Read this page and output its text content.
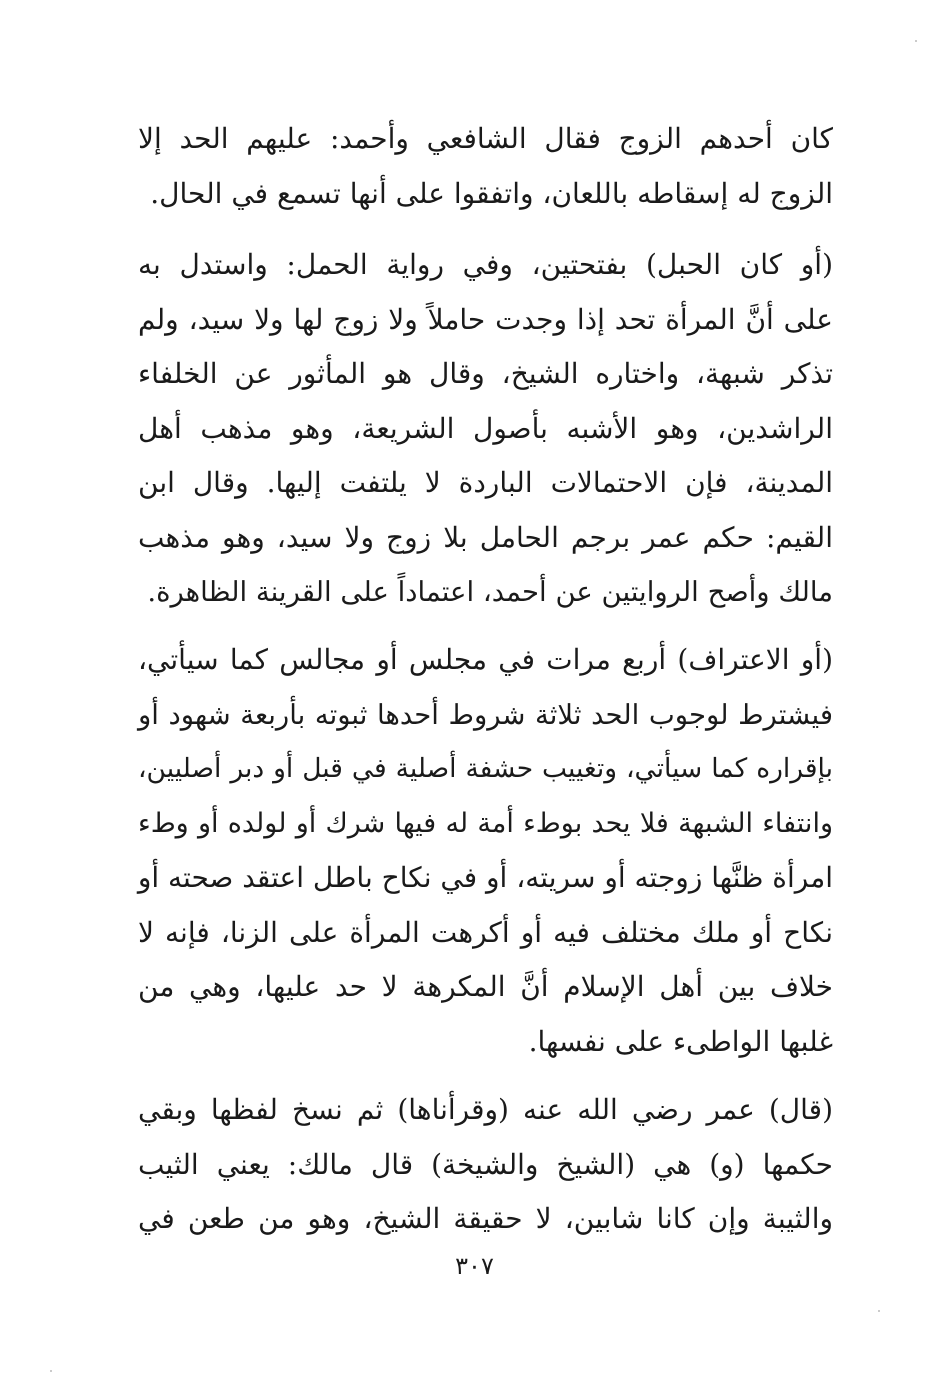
كان أحدهم الزوج فقال الشافعي وأحمد: عليهم الحد إلا
الزوج له إسقاطه باللعان، واتفقوا على أنها تسمع في الحال.
(أو كان الحبل) بفتحتين، وفي رواية الحمل: واستدل به
على أنَّ المرأة تحد إذا وجدت حاملاً ولا زوج لها ولا سيد، ولم
تذكر شبهة، واختاره الشيخ، وقال هو المأثور عن الخلفاء
الراشدين، وهو الأشبه بأصول الشريعة، وهو مذهب أهل
المدينة، فإن الاحتمالات الباردة لا يلتفت إليها. وقال ابن
القيم: حكم عمر برجم الحامل بلا زوج ولا سيد، وهو مذهب
مالك وأصح الروايتين عن أحمد، اعتماداً على القرينة الظاهرة.
(أو الاعتراف) أربع مرات في مجلس أو مجالس كما سيأتي،
فيشترط لوجوب الحد ثلاثة شروط أحدها ثبوته بأربعة شهود أو
بإقراره كما سيأتي، وتغييب حشفة أصلية في قبل أو دبر أصليين،
وانتفاء الشبهة فلا يحد بوطء أمة له فيها شرك أو لولده أو وطء
امرأة ظنَّها زوجته أو سريته، أو في نكاح باطل اعتقد صحته أو
نكاح أو ملك مختلف فيه أو أكرهت المرأة على الزنا، فإنه لا
خلاف بين أهل الإسلام أنَّ المكرهة لا حد عليها، وهي من
غلبها الواطىء على نفسها.
(قال) عمر رضي الله عنه (وقرأناها) ثم نسخ لفظها وبقي
حكمها (و) هي (الشيخ والشيخة) قال مالك: يعني الثيب
والثيبة وإن كانا شابين، لا حقيقة الشيخ، وهو من طعن في
٣٠٧
